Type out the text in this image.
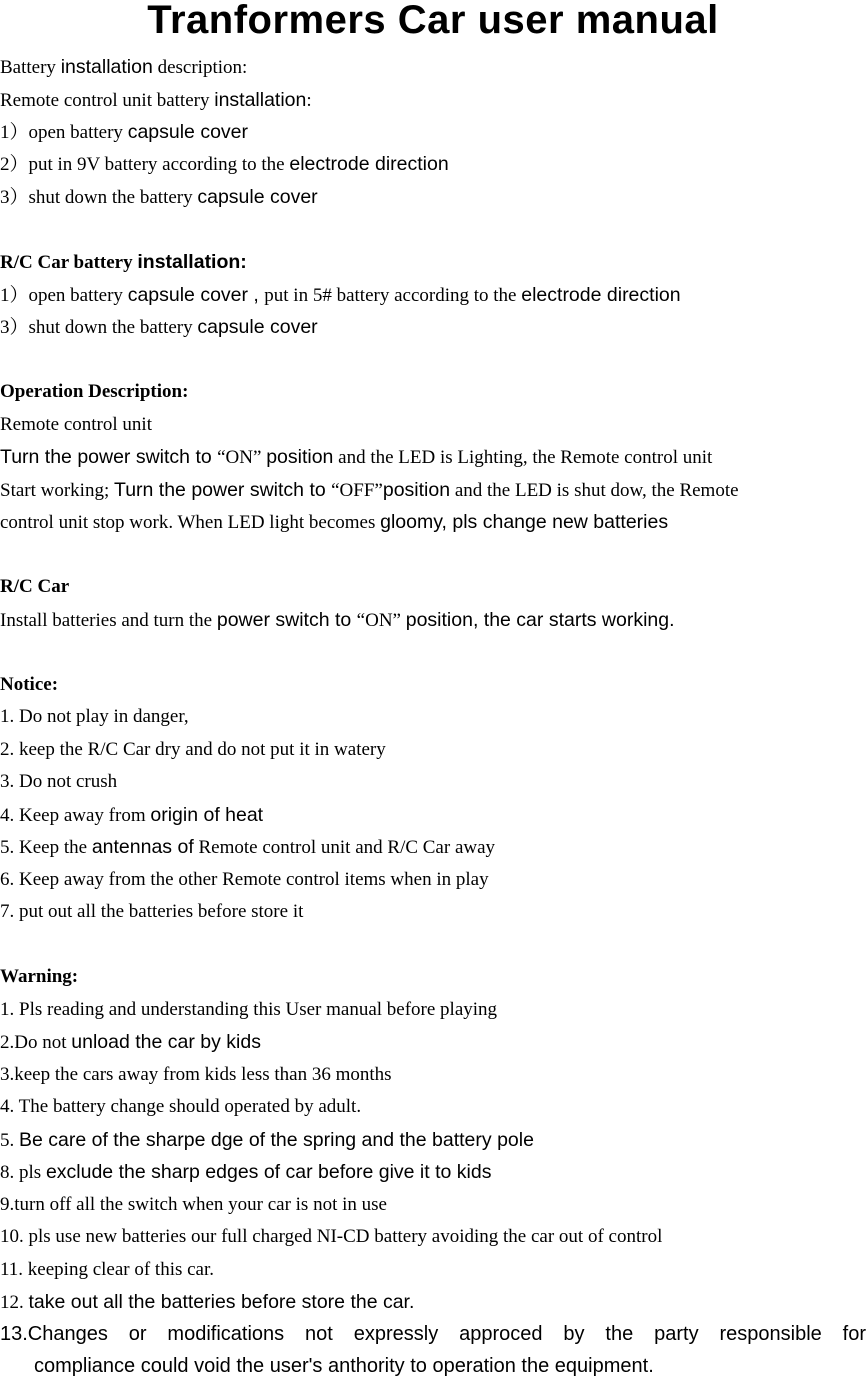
Tranformers Car user manual
Battery installation description:
Remote control unit battery installation:
1）open battery capsule cover
2）put in 9V battery according to the electrode direction
3）shut down the battery capsule cover
R/C Car battery installation:
1）open battery capsule cover , put in 5# battery according to the electrode direction
3）shut down the battery capsule cover
Operation Description:
Remote control unit
Turn the power switch to “ON” position and the LED is Lighting, the Remote control unit
Start working; Turn the power switch to “OFF”position and the LED is shut dow, the Remote
control unit stop work. When LED light becomes gloomy, pls change new batteries
R/C Car
Install batteries and turn the power switch to “ON” position, the car starts working.
Notice:
1. Do not play in danger,
2. keep the R/C Car dry and do not put it in watery
3. Do not crush
4. Keep away from origin of heat
5. Keep the antennas of Remote control unit and R/C Car away
6. Keep away from the other Remote control items when in play
7. put out all the batteries before store it
Warning:
1. Pls reading and understanding this User manual before playing
2.Do not unload the car by kids
3.keep the cars away from kids less than 36 months
4. The battery change should operated by adult.
5. Be care of the sharpe dge of the spring and the battery pole
8. pls exclude the sharp edges of car before give it to kids
9.turn off all the switch when your car is not in use
10. pls use new batteries our full charged NI-CD battery avoiding the car out of control
11. keeping clear of this car.
12. take out all the batteries before store the car.
13.Changes or modifications not expressly approced by the party responsible for
compliance could void the user's anthority to operation the equipment.
